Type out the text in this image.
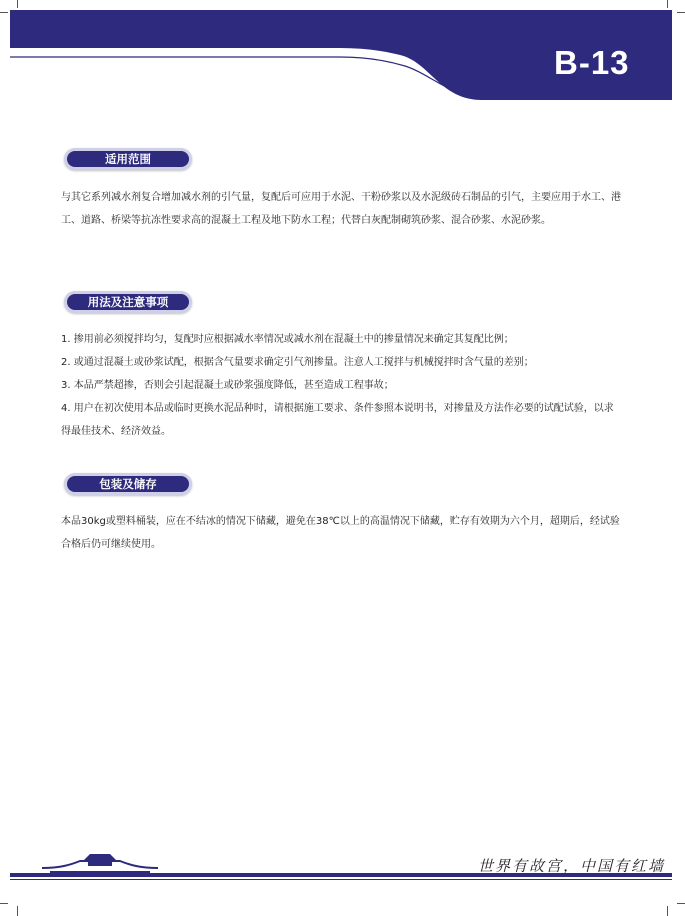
B-13
适用范围

与其它系列减水剂复合增加减水剂的引气量，复配后可应用于水泥、干粉砂浆以及水泥级砖石制品的引气，主要应用于水工、港工、道路、桥梁等抗冻性要求高的混凝土工程及地下防水工程；代替白灰配制砌筑砂浆、混合砂浆、水泥砂浆。

用法及注意事项
1. 掺用前必须搅拌均匀，复配时应根据减水率情况或减水剂在混凝土中的掺量情况来确定其复配比例；
2. 或通过混凝土或砂浆试配，根据含气量要求确定引气剂掺量。注意人工搅拌与机械搅拌时含气量的差别；
3. 本品严禁超掺，否则会引起混凝土或砂浆强度降低，甚至造成工程事故；
4. 用户在初次使用本品或临时更换水泥品种时，请根据施工要求、条件参照本说明书，对掺量及方法作必要的试配试验，以求得最佳技术、经济效益。
包装及储存

本品30kg或塑料桶装，应在不结冰的情况下储藏，避免在38℃以上的高温情况下储藏，贮存有效期为六个月，超期后，经试验合格后仍可继续使用。

世界有故宫，中国有红墙
